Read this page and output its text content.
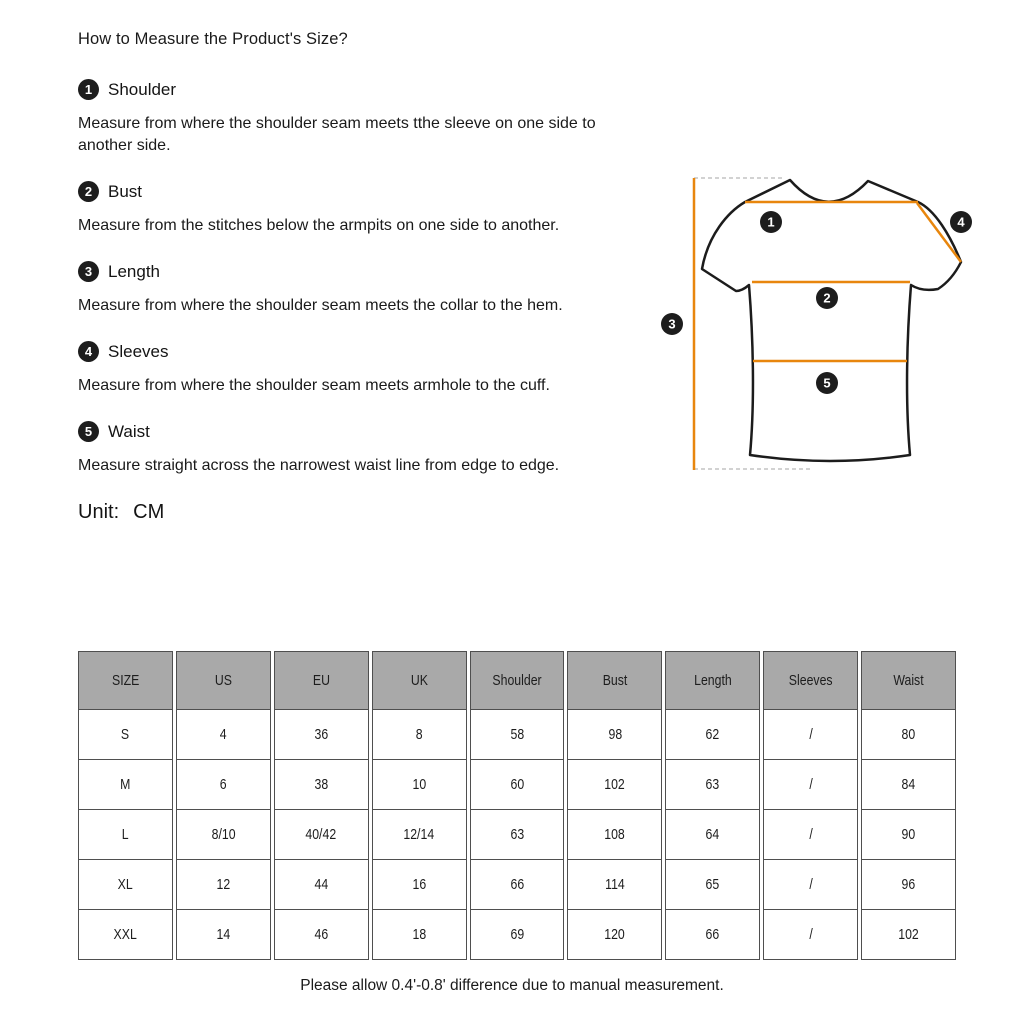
How to Measure the Product's Size?
1 Shoulder

Measure from where the shoulder seam meets tthe sleeve on one side to another side.

2 Bust

Measure from the stitches below the armpits on one side to another.

3 Length

Measure from where the shoulder seam meets the collar to the hem.

4 Sleeves

Measure from where the shoulder seam meets armhole to the cuff.

5 Waist

Measure straight across the narrowest waist line from edge to edge.

Unit: CM
1
2
3
4
5
SIZE	US	EU	UK	Shoulder	Bust	Length	Sleeves	Waist
S	4	36	8	58	98	62	/	80
M	6	38	10	60	102	63	/	84
L	8/10	40/42	12/14	63	108	64	/	90
XL	12	44	16	66	114	65	/	96
XXL	14	46	18	69	120	66	/	102
Please allow 0.4'-0.8' difference due to manual measurement.
